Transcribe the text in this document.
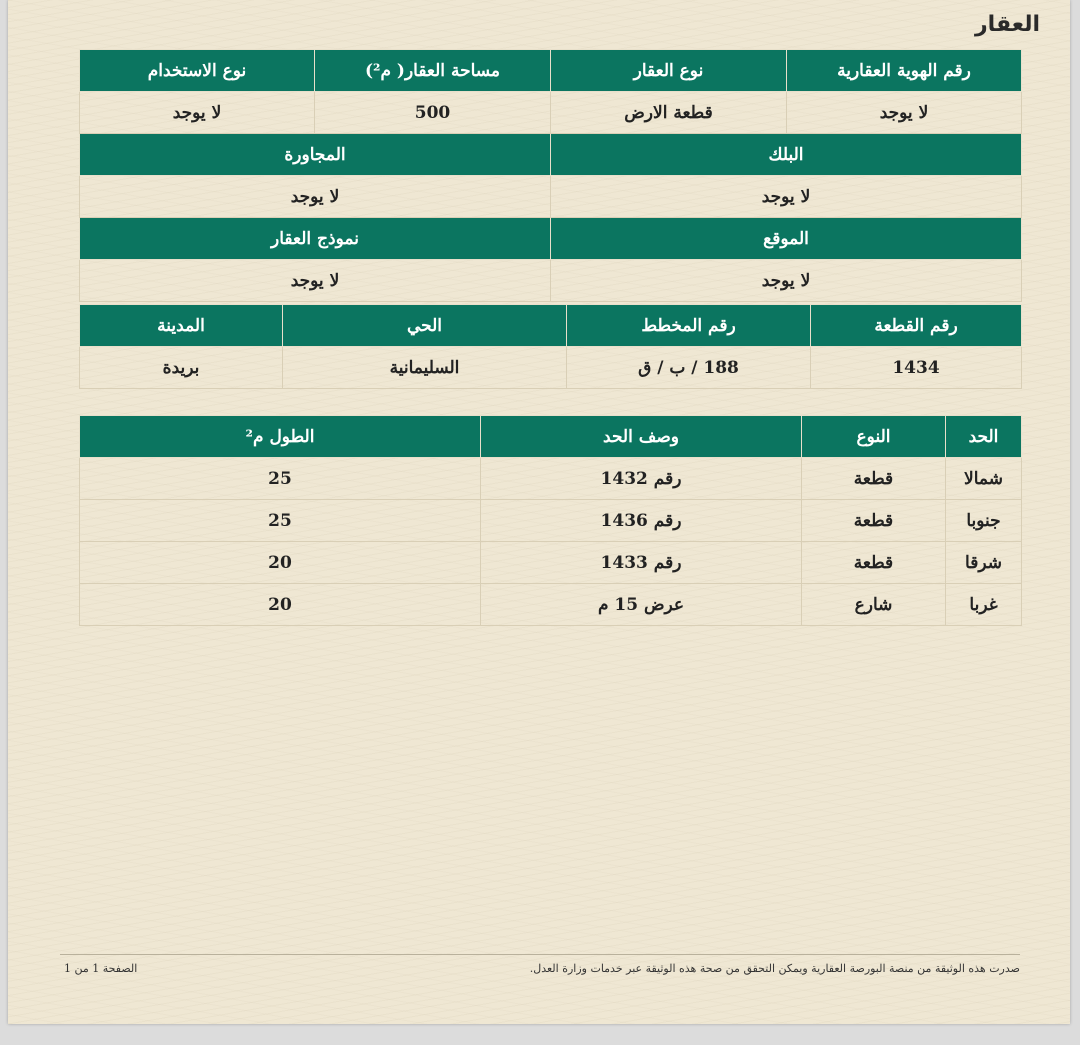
العقار
رقم الهوية العقارية	نوع العقار	مساحة العقار( م²)	نوع الاستخدام
لا يوجد	قطعة الارض	500	لا يوجد
البلك		المجاورة	
لا يوجد		لا يوجد	
الموقع		نموذج العقار	
لا يوجد		لا يوجد	
رقم القطعة	رقم المخطط	الحي	المدينة
1434	188 / ب / ق	السليمانية	بريدة
الحد	النوع	وصف الحد	الطول م²
شمالا	قطعة	رقم 1432	25
جنوبا	قطعة	رقم 1436	25
شرقا	قطعة	رقم 1433	20
غربا	شارع	عرض 15 م	20
صدرت هذه الوثيقة من منصة البورصة العقارية ويمكن التحقق من صحة هذه الوثيقة عبر خدمات وزارة العدل.
الصفحة 1 من 1
